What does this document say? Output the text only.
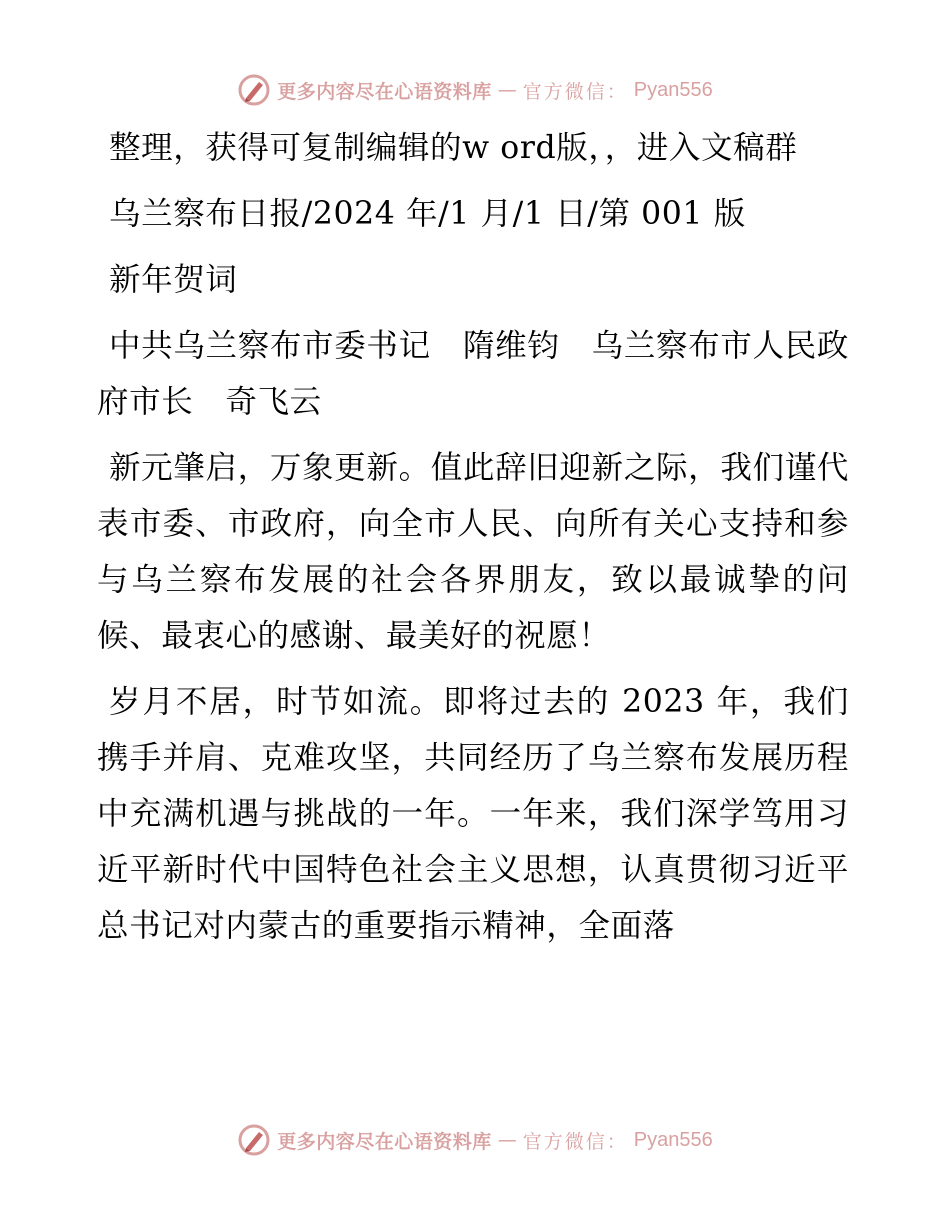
更多内容尽在心语资料库 — 官方微信： Pyan556

整理，获得可复制编辑的w ord版，，进入文稿群

乌兰察布日报/2024 年/1 月/1 日/第 001 版

新年贺词

中共乌兰察布市委书记　隋维钧　乌兰察布市人民政府市长　奇飞云

新元肇启，万象更新。值此辞旧迎新之际，我们谨代表市委、市政府，向全市人民、向所有关心支持和参与乌兰察布发展的社会各界朋友，致以最诚挚的问候、最衷心的感谢、最美好的祝愿！

岁月不居，时节如流。即将过去的 2023 年，我们携手并肩、克难攻坚，共同经历了乌兰察布发展历程中充满机遇与挑战的一年。一年来，我们深学笃用习近平新时代中国特色社会主义思想，认真贯彻习近平总书记对内蒙古的重要指示精神，全面落

更多内容尽在心语资料库 — 官方微信： Pyan556
